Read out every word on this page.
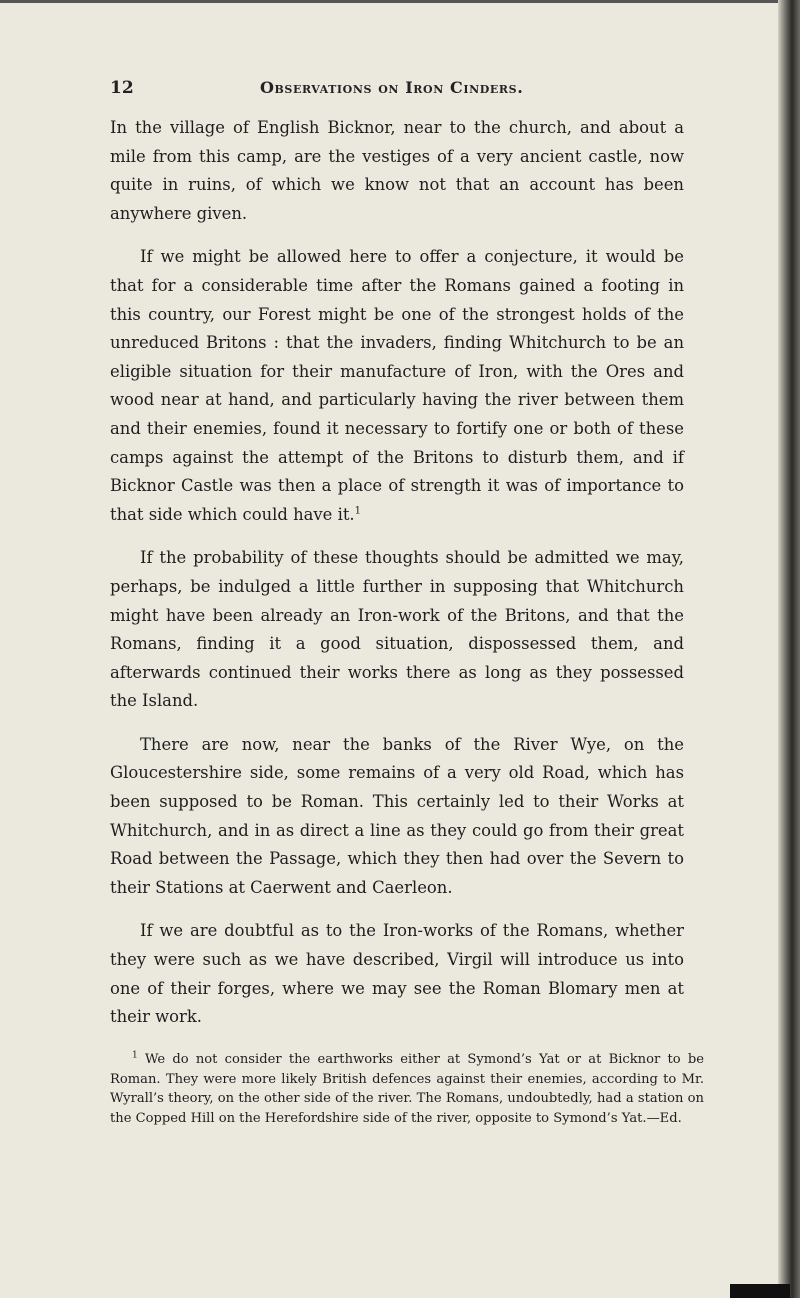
12	Observations on Iron Cinders.

In the village of English Bicknor, near to the church, and about a mile from this camp, are the vestiges of a very ancient castle, now quite in ruins, of which we know not that an account has been anywhere given.

If we might be allowed here to offer a conjecture, it would be that for a considerable time after the Romans gained a footing in this country, our Forest might be one of the strongest holds of the unreduced Britons : that the invaders, finding Whitchurch to be an eligible situation for their manufacture of Iron, with the Ores and wood near at hand, and particularly having the river between them and their enemies, found it necessary to fortify one or both of these camps against the attempt of the Britons to disturb them, and if Bicknor Castle was then a place of strength it was of importance to that side which could have it.$^1$

If the probability of these thoughts should be admitted we may, perhaps, be indulged a little further in supposing that Whitchurch might have been already an Iron-work of the Britons, and that the Romans, finding it a good situation, dispossessed them, and afterwards continued their works there as long as they possessed the Island.

There are now, near the banks of the River Wye, on the Gloucestershire side, some remains of a very old Road, which has been supposed to be Roman. This certainly led to their Works at Whitchurch, and in as direct a line as they could go from their great Road between the Passage, which they then had over the Severn to their Stations at Caerwent and Caerleon.

If we are doubtful as to the Iron-works of the Romans, whether they were such as we have described, Virgil will introduce us into one of their forges, where we may see the Roman Blomary men at their work.

$^1$ We do not consider the earthworks either at Symond’s Yat or at Bicknor to be Roman. They were more likely British defences against their enemies, according to Mr. Wyrall’s theory, on the other side of the river. The Romans, undoubtedly, had a station on the Copped Hill on the Herefordshire side of the river, opposite to Symond’s Yat.—Ed.
